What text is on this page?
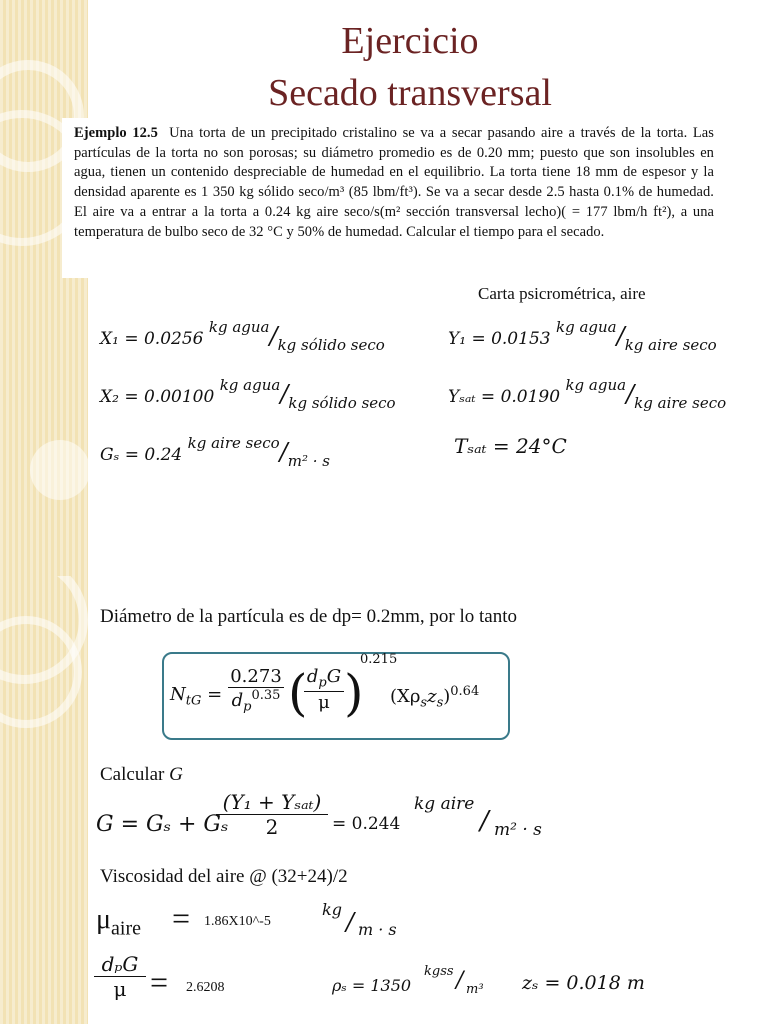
Ejercicio
Secado transversal

Ejemplo 12.5 Una torta de un precipitado cristalino se va a secar pasando aire a través de la torta. Las partículas de la torta no son porosas; su diámetro promedio es de 0.20 mm; puesto que son insolubles en agua, tienen un contenido despreciable de humedad en el equilibrio. La torta tiene 18 mm de espesor y la densidad aparente es 1 350 kg sólido seco/m³ (85 lbm/ft³). Se va a secar desde 2.5 hasta 0.1% de humedad. El aire va a entrar a la torta a 0.24 kg aire seco/s(m² sección transversal lecho)( = 177 lbm/h ft²), a una temperatura de bulbo seco de 32 °C y 50% de humedad. Calcular el tiempo para el secado.

Carta psicrométrica, aire
X₁ = 0.0256 kg agua/kg sólido seco
X₂ = 0.00100 kg agua/kg sólido seco
Gₛ = 0.24 kg aire seco/m² · s
Y₁ = 0.0153 kg agua/kg aire seco
Yₛₐₜ = 0.0190 kg agua/kg aire seco
Tₛₐₜ = 24°C
Diámetro de la partícula es de dp= 0.2mm, por lo tanto
$N_{tG}$ =
0.273
$d_p^{0.35}$ ( $d_pG$
μ )
0.215
$(X\rho_sz_s)^{0.64}$
Calcular G
G = Gₛ + Gₛ
(Y₁ + Yₛₐₜ)
2	= 0.244
kg aire
/ m² · s
Viscosidad del aire @ (32+24)/2
$\mu_{aire}$ = 1.86X10^-5
kg / m · s
dₚG
μ = 2.6208	ρₛ = 1350
kgss / m³ zₛ = 0.018 m
